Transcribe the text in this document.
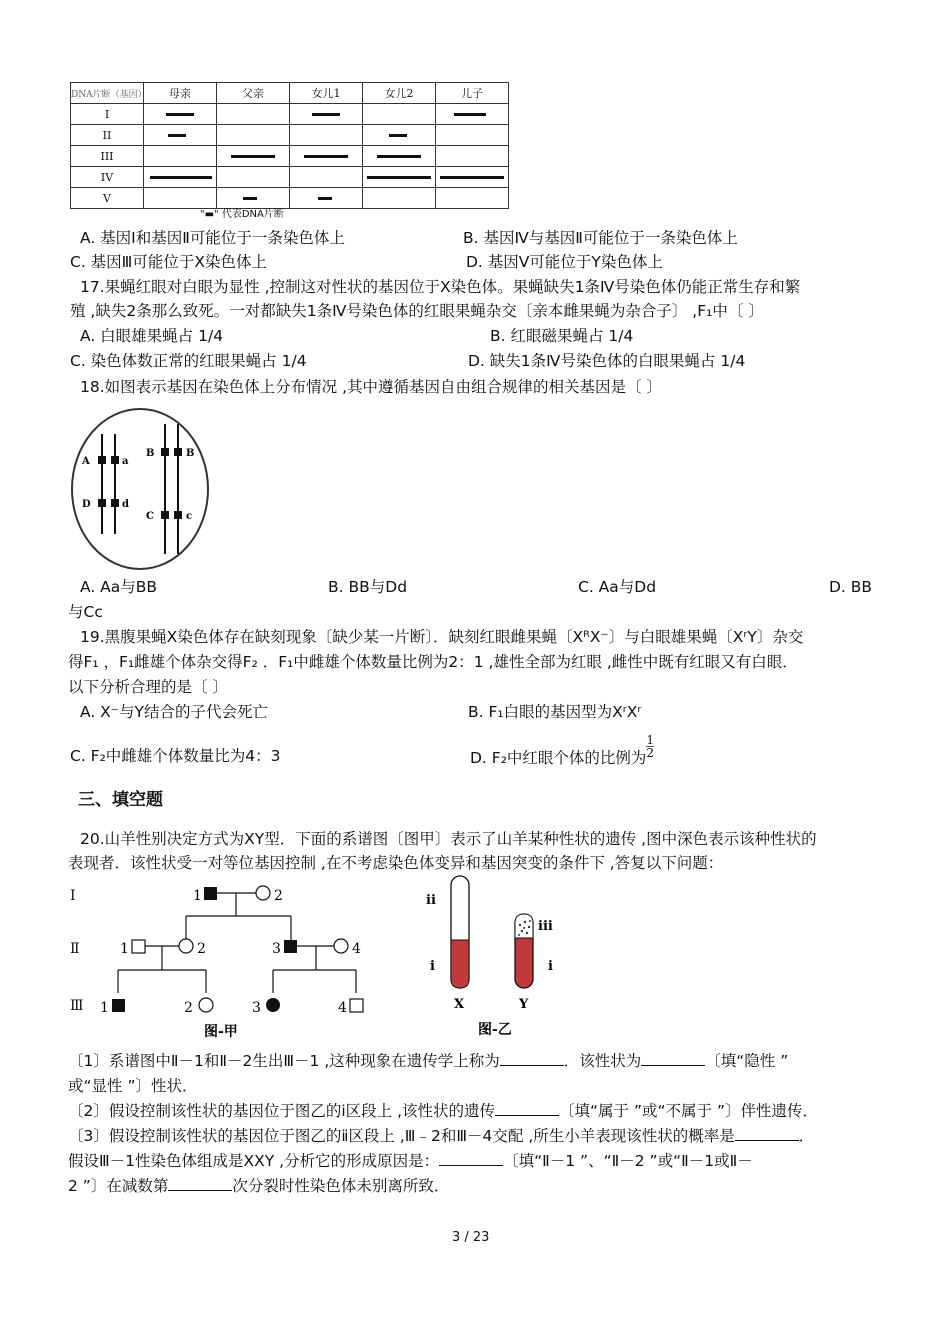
DNA片断（基因）	母亲	父亲	女儿1	女儿2	儿子
I	

II	

III		

IV	

V		

"▬" 代表DNA片断
A. 基因Ⅰ和基因Ⅱ可能位于一条染色体上	B. 基因Ⅳ与基因Ⅱ可能位于一条染色体上
C. 基因Ⅲ可能位于X染色体上	D. 基因Ⅴ可能位于Y染色体上
17.果蝇红眼对白眼为显性 ,控制这对性状的基因位于X染色体。果蝇缺失1条Ⅳ号染色体仍能正常生存和繁
殖 ,缺失2条那么致死。一对都缺失1条Ⅳ号染色体的红眼果蝇杂交〔亲本雌果蝇为杂合子〕 ,F₁中〔 〕
A. 白眼雄果蝇占 1/4	B. 红眼磁果蝇占 1/4
C. 染色体数正常的红眼果蝇占 1/4	D. 缺失1条Ⅳ号染色体的白眼果蝇占 1/4
18.如图表示基因在染色体上分布情况 ,其中遵循基因自由组合规律的相关基因是〔 〕
A	a
D	d
B	B
C	c
A. Aa与BB	B. BB与Dd	C. Aa与Dd	D. BB
与Cc
19.黑腹果蝇X染色体存在缺刻现象〔缺少某一片断〕．缺刻红眼雌果蝇〔XᴿX⁻〕与白眼雄果蝇〔XʳY〕杂交
得F₁ ，F₁雌雄个体杂交得F₂ ．F₁中雌雄个体数量比例为2：1 ,雄性全部为红眼 ,雌性中既有红眼又有白眼．
以下分析合理的是〔 〕
A. X⁻与Y结合的子代会死亡	B. F₁白眼的基因型为XʳXʳ
C. F₂中雌雄个体数量比为4：3	D. F₂中红眼个体的比例为 $\frac{1}{2}$
三、填空题
20.山羊性别决定方式为XY型．下面的系谱图〔图甲〕表示了山羊某种性状的遗传 ,图中深色表示该种性状的
表现者．该性状受一对等位基因控制 ,在不考虑染色体变异和基因突变的条件下 ,答复以下问题：
Ⅰ
Ⅱ
Ⅲ
1	2
1	2	3	4
1	2	3	4
图-甲
ii
i
X
iii
i
Y
图-乙
〔1〕系谱图中Ⅱ－1和Ⅱ－2生出Ⅲ－1 ,这种现象在遗传学上称为	．该性状为	〔填“隐性 ”
或“显性 ”〕性状．
〔2〕假设控制该性状的基因位于图乙的ⅰ区段上 ,该性状的遗传	〔填“属于 ”或“不属于 ”〕伴性遗传．
〔3〕假设控制该性状的基因位于图乙的ⅱ区段上 ,Ⅲ﹣2和Ⅲ－4交配 ,所生小羊表现该性状的概率是	．
假设Ⅲ－1性染色体组成是XXY ,分析它的形成原因是：	〔填“Ⅱ－1 ”、“Ⅱ－2 ”或“Ⅱ－1或Ⅱ－
2 ”〕在减数第	次分裂时性染色体未别离所致．
3 / 23
